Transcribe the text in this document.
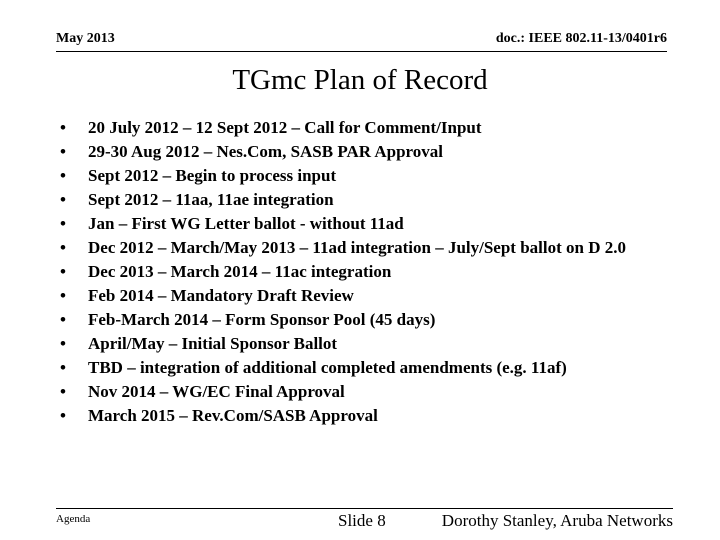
May 2013	doc.: IEEE 802.11-13/0401r6
TGmc Plan of Record
• 20 July 2012 – 12 Sept 2012 – Call for Comment/Input
• 29-30 Aug 2012 – Nes.Com, SASB PAR Approval
• Sept 2012 – Begin to process input
• Sept 2012 – 11aa, 11ae integration
• Jan – First WG Letter ballot - without 11ad
• Dec 2012 – March/May 2013 – 11ad integration – July/Sept ballot on D 2.0
• Dec 2013 – March 2014 – 11ac integration
• Feb 2014 – Mandatory Draft Review
• Feb-March 2014 – Form Sponsor Pool (45 days)
• April/May – Initial Sponsor Ballot
• TBD – integration of additional completed amendments (e.g. 11af)
• Nov 2014 – WG/EC Final Approval
• March 2015 – Rev.Com/SASB Approval
Agenda	Slide 8	Dorothy Stanley, Aruba Networks
